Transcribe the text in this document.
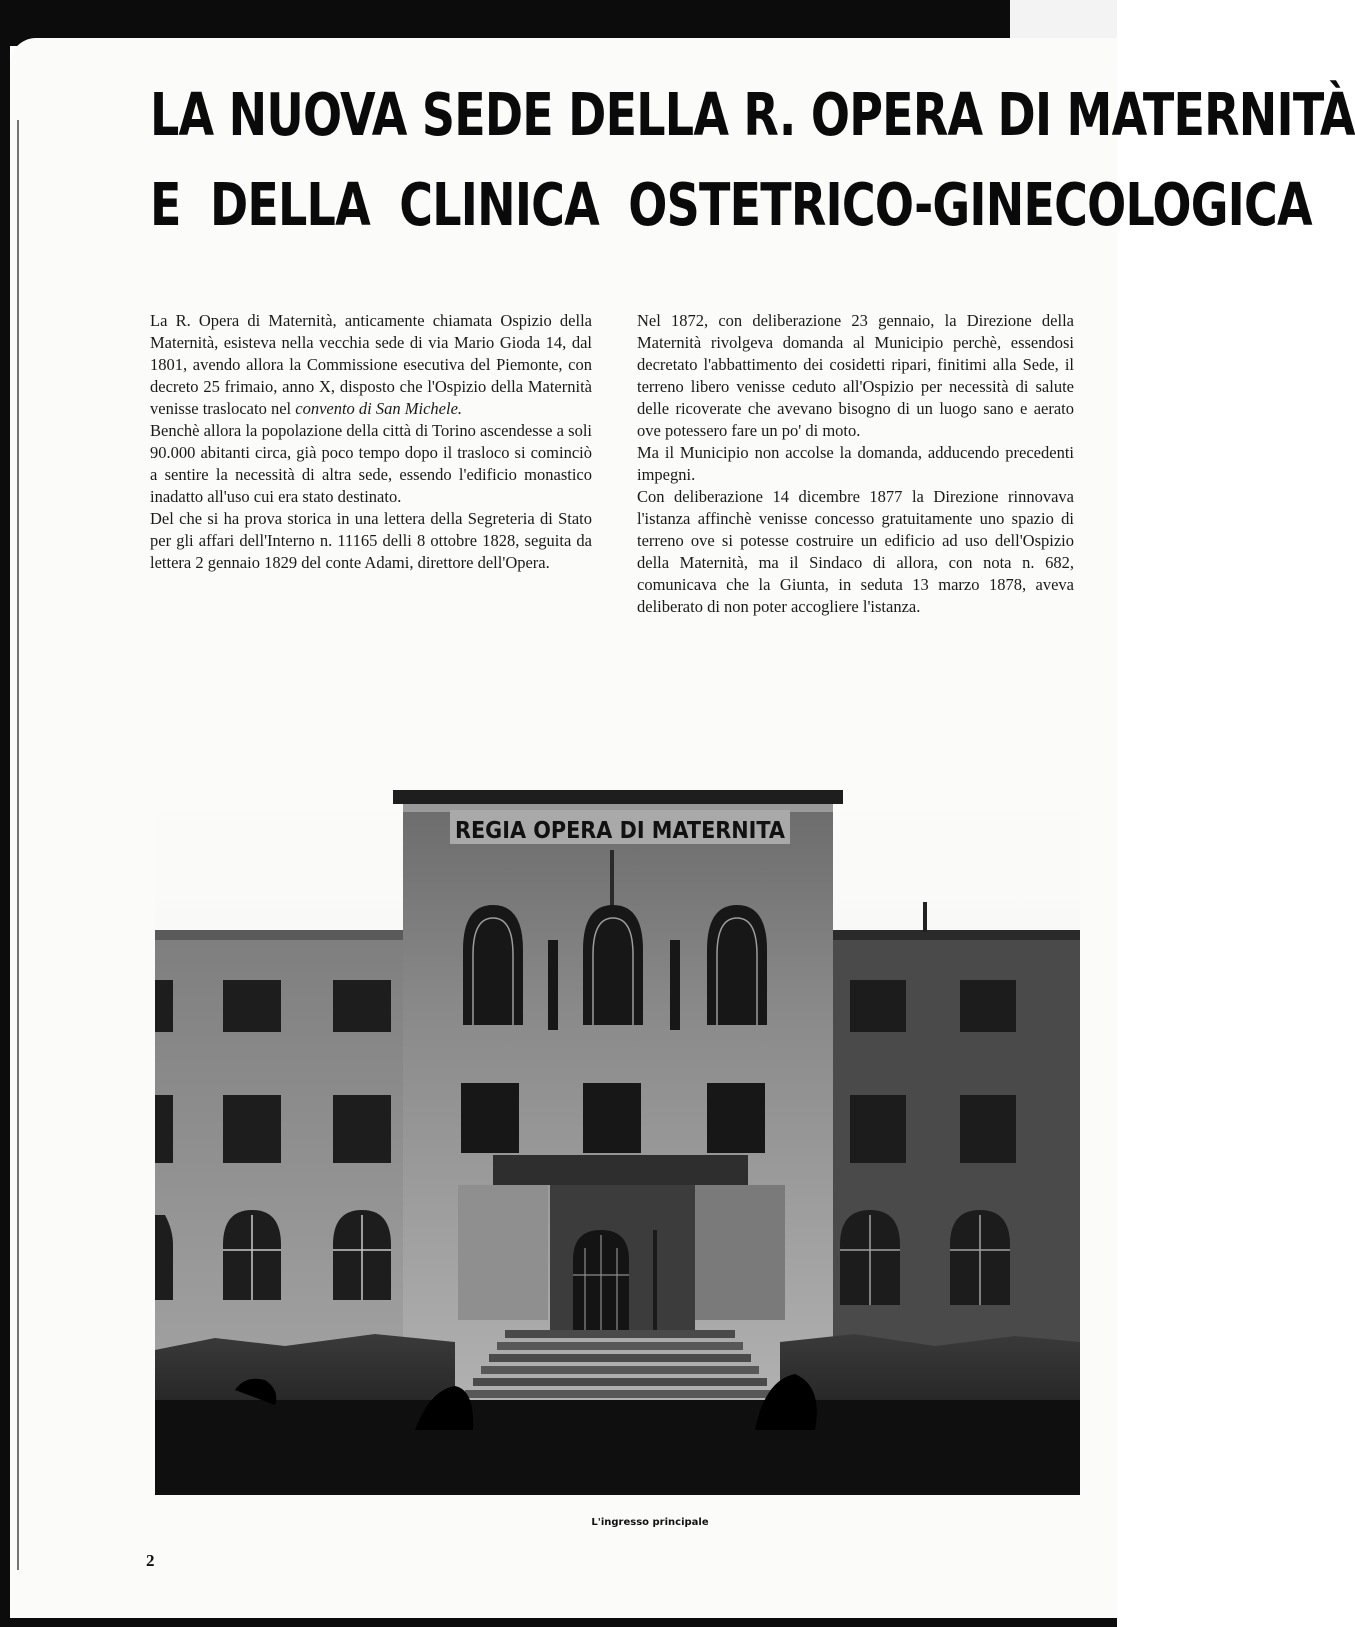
LA NUOVA SEDE DELLA R. OPERA DI MATERNITÀ
E DELLA CLINICA OSTETRICO-GINECOLOGICA

La R. Opera di Maternità, anticamente chiamata Ospizio della Maternità, esisteva nella vecchia sede di via Mario Gioda 14, dal 1801, avendo allora la Commissione esecutiva del Piemonte, con decreto 25 frimaio, anno X, disposto che l'Ospizio della Maternità venisse traslocato nel convento di San Michele.

Benchè allora la popolazione della città di Torino ascendesse a soli 90.000 abitanti circa, già poco tempo dopo il trasloco si cominciò a sentire la necessità di altra sede, essendo l'edificio monastico inadatto all'uso cui era stato destinato.

Del che si ha prova storica in una lettera della Segreteria di Stato per gli affari dell'Interno n. 11165 delli 8 ottobre 1828, seguita da lettera 2 gennaio 1829 del conte Adami, direttore dell'Opera.

Nel 1872, con deliberazione 23 gennaio, la Direzione della Maternità rivolgeva domanda al Municipio perchè, essendosi decretato l'abbattimento dei cosidetti ripari, finitimi alla Sede, il terreno libero venisse ceduto all'Ospizio per necessità di salute delle ricoverate che avevano bisogno di un luogo sano e aerato ove potessero fare un po' di moto.

Ma il Municipio non accolse la domanda, adducendo precedenti impegni.

Con deliberazione 14 dicembre 1877 la Direzione rinnovava l'istanza affinchè venisse concesso gratuitamente uno spazio di terreno ove si potesse costruire un edificio ad uso dell'Ospizio della Maternità, ma il Sindaco di allora, con nota n. 682, comunicava che la Giunta, in seduta 13 marzo 1878, aveva deliberato di non poter accogliere l'istanza.

REGIA OPERA DI MATERNITA
L'ingresso principale
2
